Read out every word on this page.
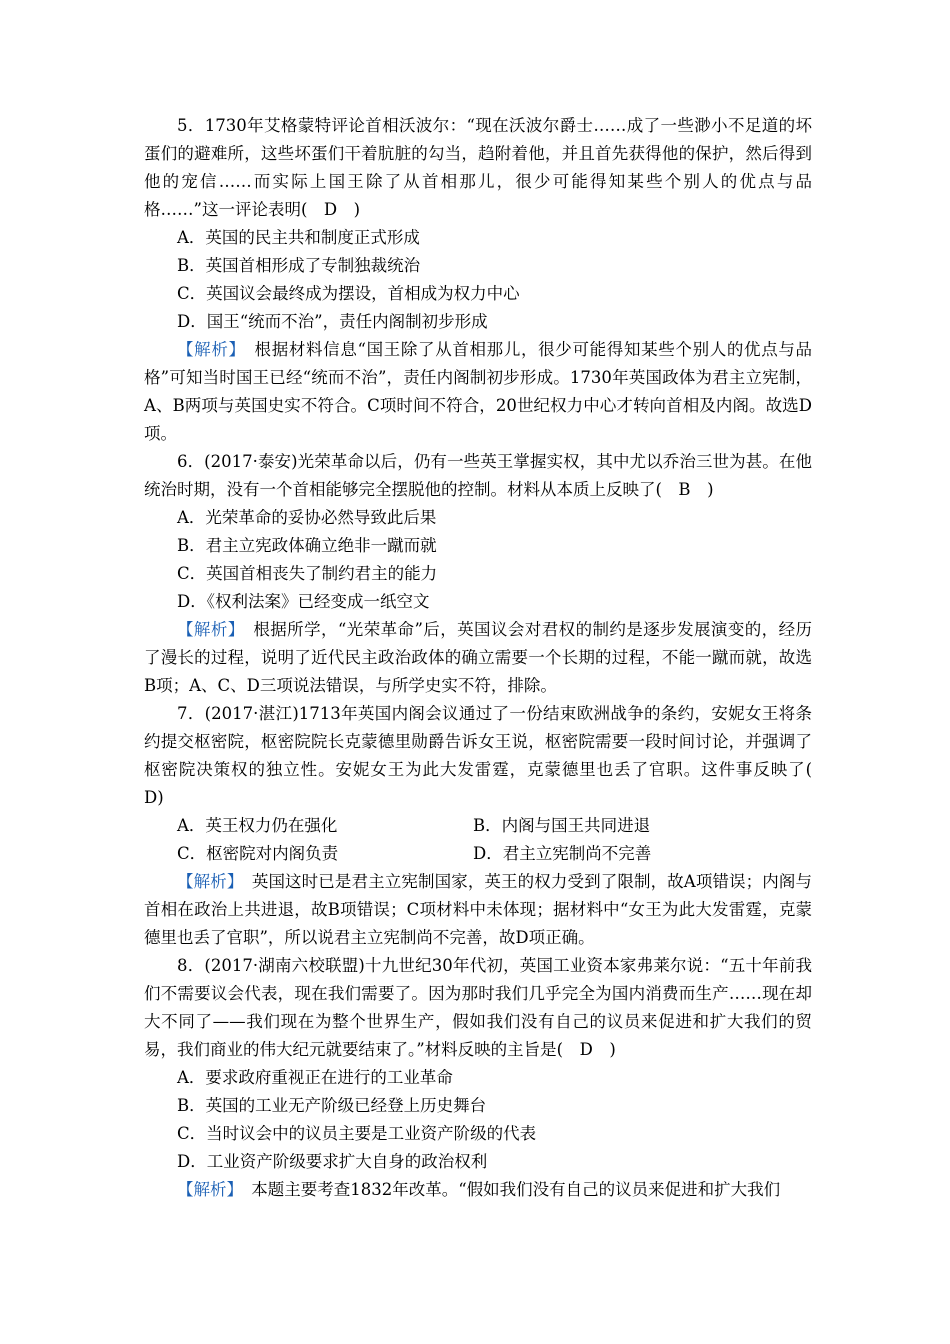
5．1730年艾格蒙特评论首相沃波尔：“现在沃波尔爵士……成了一些渺小不足道的坏蛋们的避难所，这些坏蛋们干着肮脏的勾当，趋附着他，并且首先获得他的保护，然后得到他的宠信……而实际上国王除了从首相那儿，很少可能得知某些个别人的优点与品格……”这一评论表明(　D　)

A．英国的民主共和制度正式形成

B．英国首相形成了专制独裁统治

C．英国议会最终成为摆设，首相成为权力中心

D．国王“统而不治”，责任内阁制初步形成

【解析】　根据材料信息“国王除了从首相那儿，很少可能得知某些个别人的优点与品格”可知当时国王已经“统而不治”，责任内阁制初步形成。1730年英国政体为君主立宪制，A、B两项与英国史实不符合。C项时间不符合，20世纪权力中心才转向首相及内阁。故选D项。

6．(2017·泰安)光荣革命以后，仍有一些英王掌握实权，其中尤以乔治三世为甚。在他统治时期，没有一个首相能够完全摆脱他的控制。材料从本质上反映了(　B　)

A．光荣革命的妥协必然导致此后果

B．君主立宪政体确立绝非一蹴而就

C．英国首相丧失了制约君主的能力

D．《权利法案》已经变成一纸空文

【解析】　根据所学，“光荣革命”后，英国议会对君权的制约是逐步发展演变的，经历了漫长的过程，说明了近代民主政治政体的确立需要一个长期的过程，不能一蹴而就，故选B项；A、C、D三项说法错误，与所学史实不符，排除。

7．(2017·湛江)1713年英国内阁会议通过了一份结束欧洲战争的条约，安妮女王将条约提交枢密院，枢密院院长克蒙德里勋爵告诉女王说，枢密院需要一段时间讨论，并强调了枢密院决策权的独立性。安妮女王为此大发雷霆，克蒙德里也丢了官职。这件事反映了(　D)

A．英王权力仍在强化	B．内阁与国王共同进退
C．枢密院对内阁负责	D．君主立宪制尚不完善

【解析】　英国这时已是君主立宪制国家，英王的权力受到了限制，故A项错误；内阁与首相在政治上共进退，故B项错误；C项材料中未体现；据材料中“女王为此大发雷霆，克蒙德里也丢了官职”，所以说君主立宪制尚不完善，故D项正确。

8．(2017·湖南六校联盟)十九世纪30年代初，英国工业资本家弗莱尔说：“五十年前我们不需要议会代表，现在我们需要了。因为那时我们几乎完全为国内消费而生产……现在却大不同了——我们现在为整个世界生产，假如我们没有自己的议员来促进和扩大我们的贸易，我们商业的伟大纪元就要结束了。”材料反映的主旨是(　D　)

A．要求政府重视正在进行的工业革命

B．英国的工业无产阶级已经登上历史舞台

C．当时议会中的议员主要是工业资产阶级的代表

D．工业资产阶级要求扩大自身的政治权利

【解析】　本题主要考查1832年改革。“假如我们没有自己的议员来促进和扩大我们
